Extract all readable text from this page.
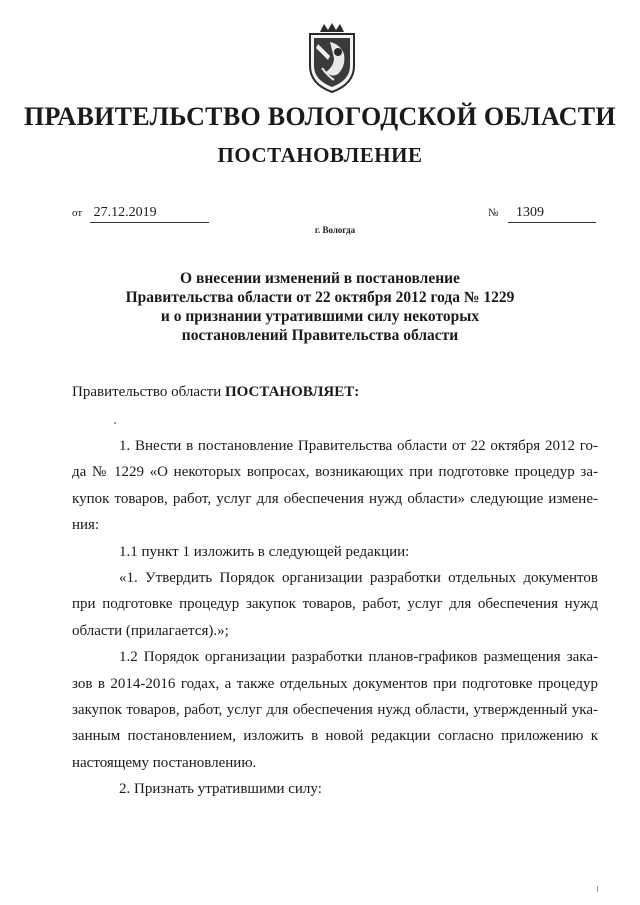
ПРАВИТЕЛЬСТВО ВОЛОГОДСКОЙ ОБЛАСТИ
ПОСТАНОВЛЕНИЕ
от 27.12.2019	№ 1309
г. Вологда
О внесении изменений в постановление
Правительства области от 22 октября 2012 года № 1229
и о признании утратившими силу некоторых
постановлений Правительства области
Правительство области ПОСТАНОВЛЯЕТ:
1. Внести в постановление Правительства области от 22 октября 2012 го-
да № 1229 «О некоторых вопросах, возникающих при подготовке процедур за-
купок товаров, работ, услуг для обеспечения нужд области» следующие измене-
ния:
1.1 пункт 1 изложить в следующей редакции:
«1. Утвердить Порядок организации разработки отдельных документов
при подготовке процедур закупок товаров, работ, услуг для обеспечения нужд
области (прилагается).»;
1.2 Порядок организации разработки планов-графиков размещения зака-
зов в 2014-2016 годах, а также отдельных документов при подготовке процедур
закупок товаров, работ, услуг для обеспечения нужд области, утвержденный ука-
занным постановлением, изложить в новой редакции согласно приложению к
настоящему постановлению.
2. Признать утратившими силу:
